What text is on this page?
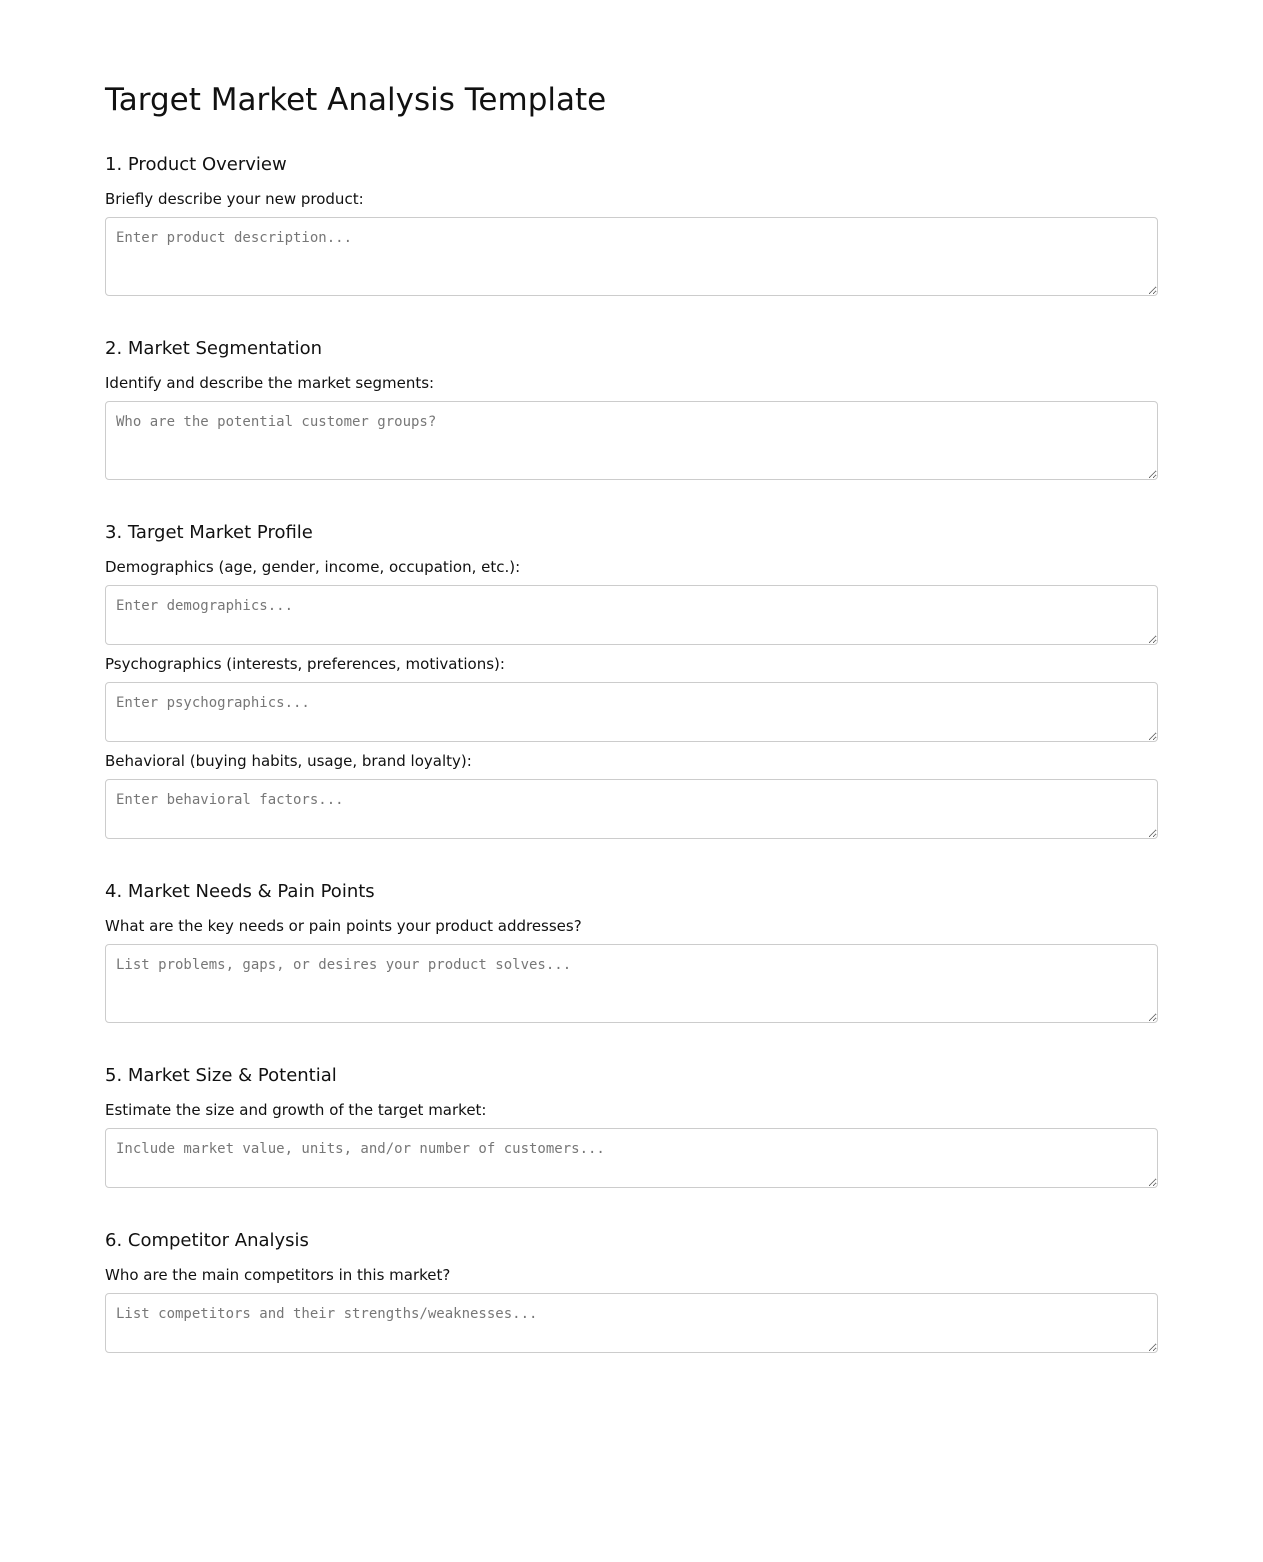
Target Market Analysis Template
1. Product Overview
Briefly describe your new product:
Enter product description...
2. Market Segmentation
Identify and describe the market segments:
Who are the potential customer groups?
3. Target Market Profile
Demographics (age, gender, income, occupation, etc.):
Enter demographics...
Psychographics (interests, preferences, motivations):
Enter psychographics...
Behavioral (buying habits, usage, brand loyalty):
Enter behavioral factors...
4. Market Needs & Pain Points
What are the key needs or pain points your product addresses?
List problems, gaps, or desires your product solves...
5. Market Size & Potential
Estimate the size and growth of the target market:
Include market value, units, and/or number of customers...
6. Competitor Analysis
Who are the main competitors in this market?
List competitors and their strengths/weaknesses...
